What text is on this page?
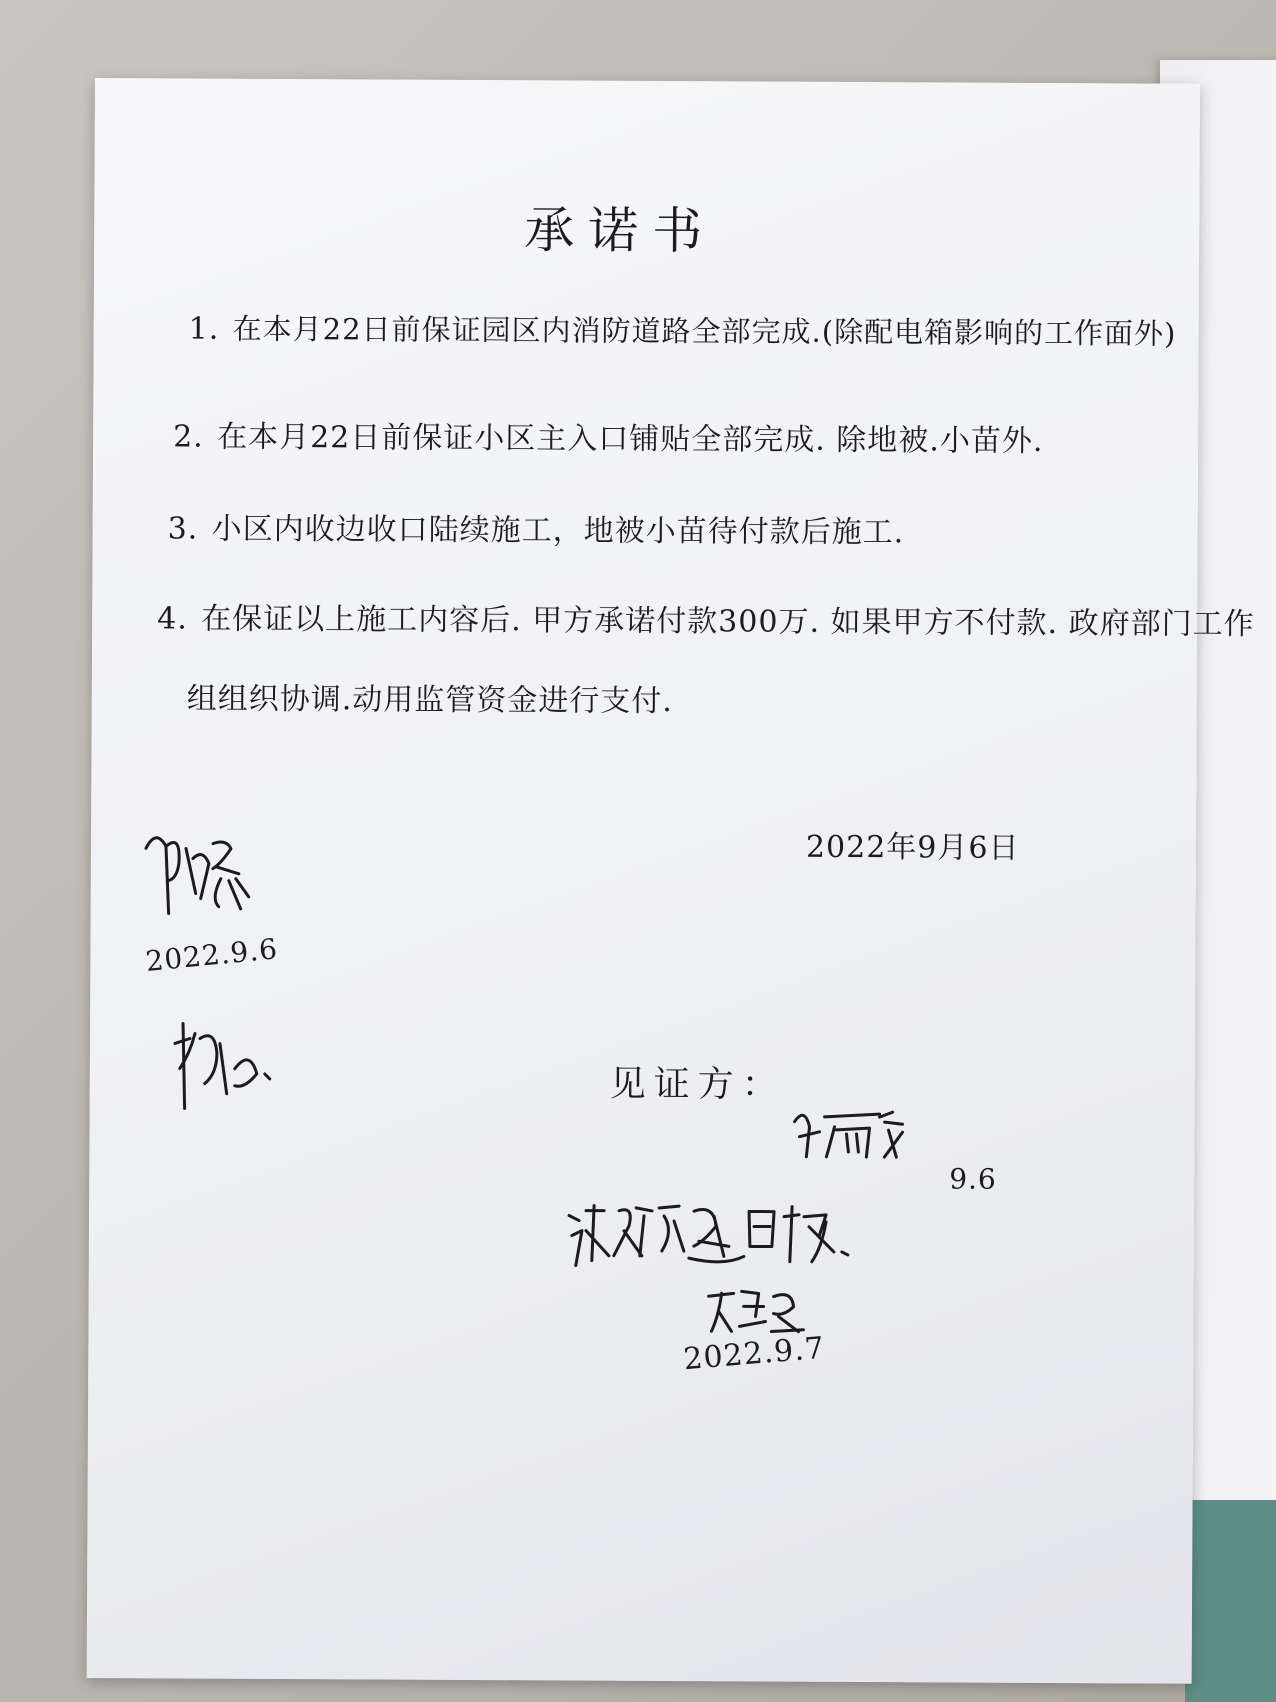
承诺书
1. 在本月22日前保证园区内消防道路全部完成.(除配电箱影响的工作面外)
2. 在本月22日前保证小区主入口铺贴全部完成. 除地被.小苗外.
3. 小区内收边收口陆续施工，地被小苗待付款后施工.
4. 在保证以上施工内容后. 甲方承诺付款300万. 如果甲方不付款. 政府部门工作
组组织协调.动用监管资金进行支付.
2022年9月6日
2022.9.6
见证方：
9.6
2022.9.7
